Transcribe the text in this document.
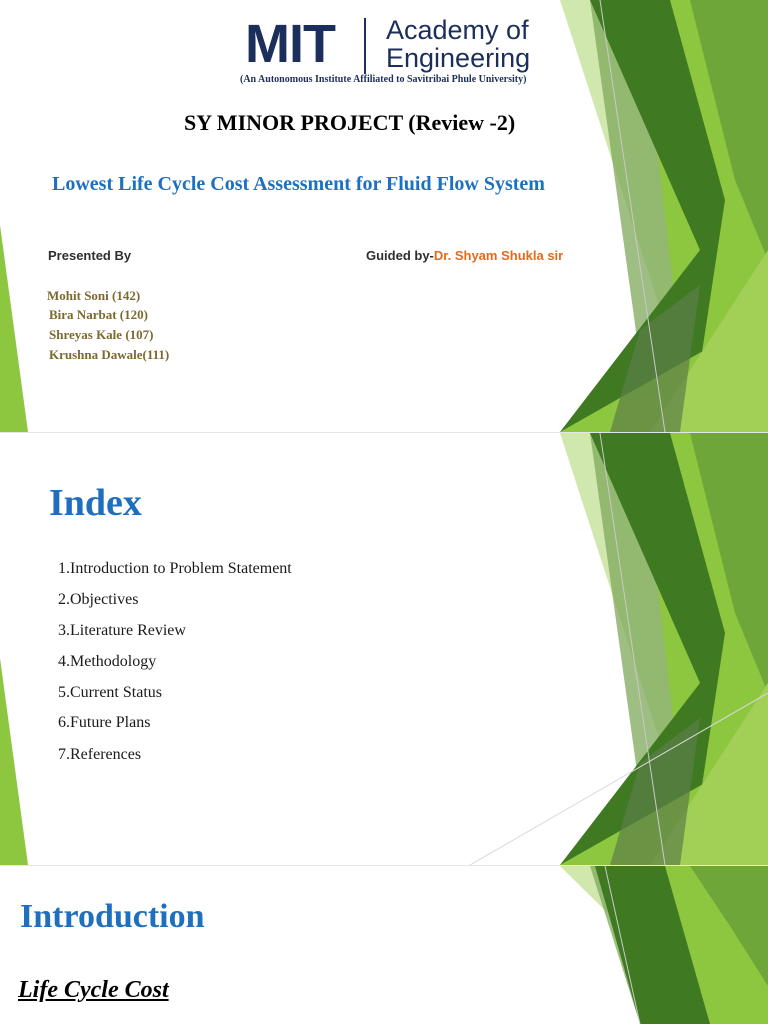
MIT Academy of
Engineering
(An Autonomous Institute Affiliated to Savitribai Phule University)
SY MINOR PROJECT (Review -2)
Lowest Life Cycle Cost Assessment for Fluid Flow System
Presented By	Guided by-Dr. Shyam Shukla sir
Mohit Soni (142)
Bira Narbat (120)
Shreyas Kale (107)
Krushna Dawale(111)
Index
1.Introduction to Problem Statement
2.Objectives
3.Literature Review
4.Methodology
5.Current Status
6.Future Plans
7.References
Introduction
Life Cycle Cost
